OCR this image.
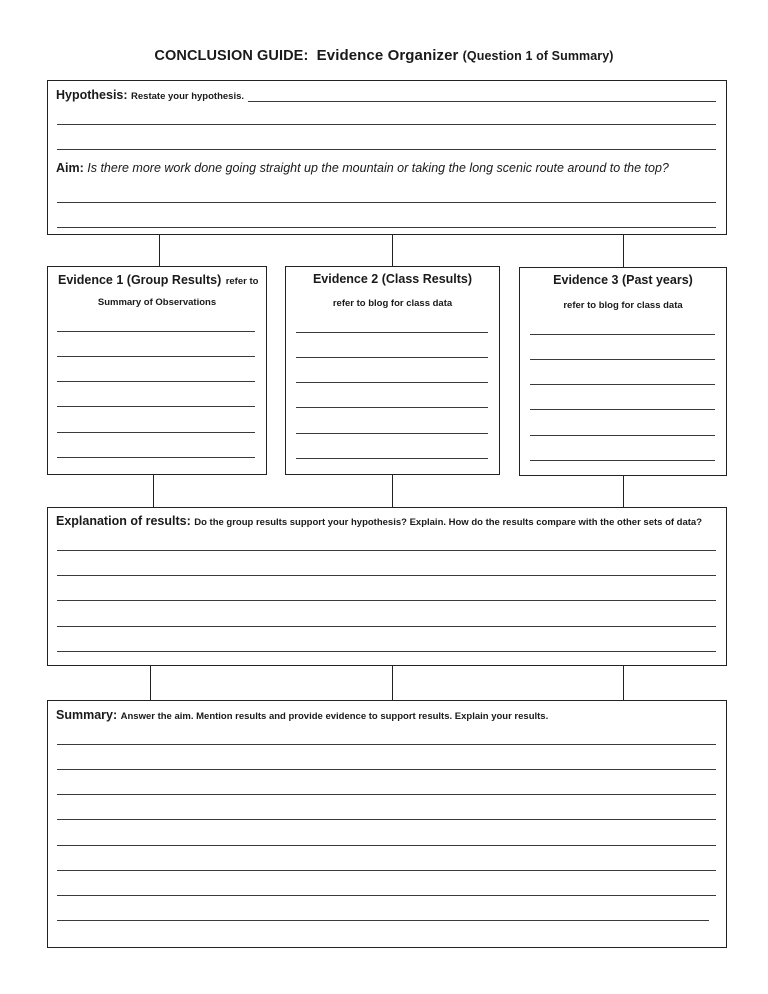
CONCLUSION GUIDE: Evidence Organizer (Question 1 of Summary)
Hypothesis: Restate your hypothesis.
Aim: Is there more work done going straight up the mountain or taking the long scenic route around to the top?
Evidence 1 (Group Results) refer to
Summary of Observations
Evidence 2 (Class Results)
refer to blog for class data
Evidence 3 (Past years)
refer to blog for class data
Explanation of results: Do the group results support your hypothesis? Explain. How do the results compare with the other sets of data?
Summary: Answer the aim. Mention results and provide evidence to support results. Explain your results.
